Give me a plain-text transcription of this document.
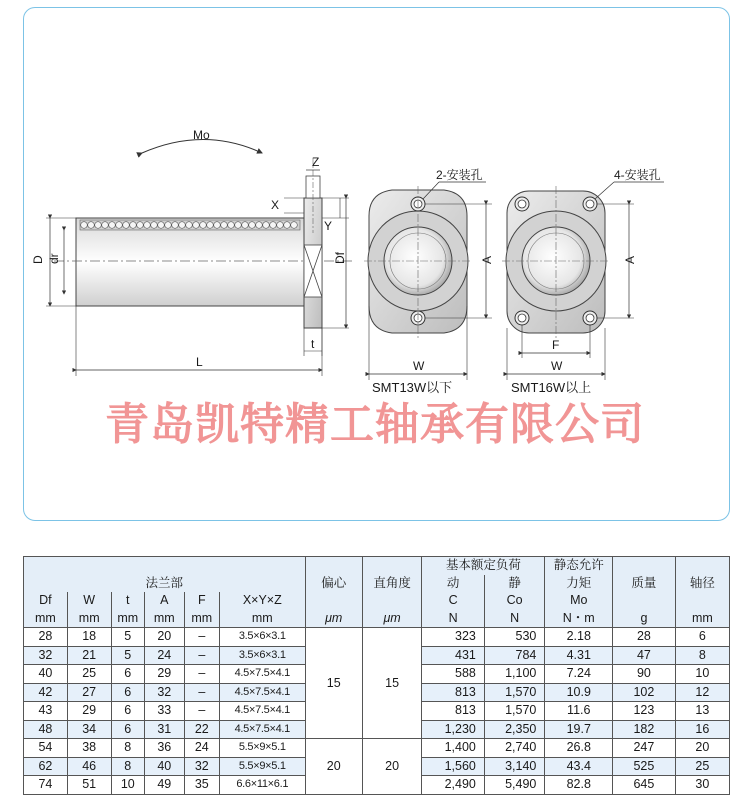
Mo
Z
X
Y
D dr	Df
t
L
2-安装孔
A
W
SMT13W以下
4-安装孔
A
F
W
SMT16W以上
青岛凯特精工轴承有限公司
法兰部						偏心	直角度	基本额定负荷		静态允许	质量	轴径
								动	静	力矩		
Df	W	t	A	F	X×Y×Z			C	Co	Mo		
mm	mm	mm	mm	mm	mm	μm	μm	N	N	N・m	g	mm
28	18	5	20	–	3.5×6×3.1	15	15	323	530	2.18	28	6
32	21	5	24	–	3.5×6×3.1			431	784	4.31	47	8
40	25	6	29	–	4.5×7.5×4.1			588	1,100	7.24	90	10
42	27	6	32	–	4.5×7.5×4.1			813	1,570	10.9	102	12
43	29	6	33	–	4.5×7.5×4.1			813	1,570	11.6	123	13
48	34	6	31	22	4.5×7.5×4.1			1,230	2,350	19.7	182	16
54	38	8	36	24	5.5×9×5.1	20	20	1,400	2,740	26.8	247	20
62	46	8	40	32	5.5×9×5.1			1,560	3,140	43.4	525	25
74	51	10	49	35	6.6×11×6.1			2,490	5,490	82.8	645	30
